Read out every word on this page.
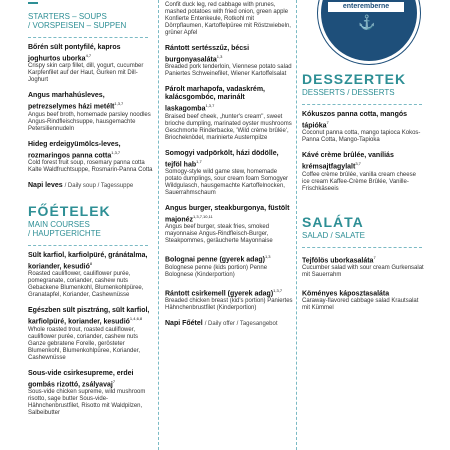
enteremberne
⚓
STARTERS – SOUPS
/ VORSPEISEN – SUPPEN
Bőrén sült pontyfilé, kapros joghurtos uborka$^{4,7}$
Crispy skin carp fillet, dill, yogurt, cucumber Karpfenfilet auf der Haut, Gurken mit Dill-Joghurt
Angus marhahúsleves, petrezselymes házi metélt$^{1,3,7}$
Angus beef broth, homemade parsley noodles Angus-Rindfleischsuppe, hausgemachte Petersiliennudeln
Hideg erdeigyümölcs-leves, rozmaringos panna cotta$^{1,3,7}$
Cold forest fruit soup, rosemary panna cotta Kalte Waldfruchtsuppe, Rosmarin-Panna Cotta
Napi leves / Daily soup / Tagessuppe
FŐÉTELEK
MAIN COURSES
/ HAUPTGERICHTE
Sült karfiol, karfiolpüré, gránátalma, koriander, kesudió$^8$
Roasted cauliflower, cauliflower purée, pomegranate, coriander, cashew nuts Gebackene Blumenkohl, Blumenkohlpüree, Granatapfel, Koriander, Cashewnüsse
Egészben sült pisztráng, sült karfiol, karfiolpüré, koriander, kesudió$^{1,4,6,8}$
Whole roasted trout, roasted cauliflower, cauliflower purée, coriander, cashew nuts Ganze gebratene Forelle, gerösteter Blumenkohl, Blumenkohlpüree, Koriander, Cashewnüsse
Sous-vide csirkesupreme, erdei gombás rizottó, zsályavaj$^7$
Sous-vide chicken supreme, wild mushroom risotto, sage butter Sous-vide-Hähnchenbrustfilet, Risotto mit Waldpilzen, Salbeibutter
Confit duck leg, red cabbage with prunes, mashed potatoes with fried onion, green apple Konfierte Entenkeule, Rotkohl mit Dörrpflaumen, Kartoffelpüree mit Röstzwiebeln, grüner Apfel
Rántott sertésszűz, bécsi burgonyasaláta$^{1,3}$
Breaded pork tenderloin, Viennese potato salad Paniertes Schweinefilet, Wiener Kartoffelsalat
Párolt marhapofa, vadaskrém, kalácsgombóc, marinált laskagomba$^{1,3,7}$
Braised beef cheek, „hunter's cream", sweet brioche dumpling, marinated oyster mushrooms Geschmorte Rinderbacke, 'Wild crème brûlée', Briocheknödel, marinierte Austernpilze
Somogyi vadpörkölt, házi dödölle, tejföl hab$^{1,7}$
Somogy-style wild game stew, homemade potato dumplings, sour cream foam Somogyer Wildgulasch, hausgemachte Kartoffelnocken, Sauerrahmschaum
Angus burger, steakburgonya, füstölt majonéz$^{1,3,7,10,11}$
Angus beef burger, steak fries, smoked mayonnaise Angus-Rindfleisch-Burger, Steakpommes, geräucherte Mayonnaise
Bolognai penne (gyerek adag)$^{1,3}$
Bolognese penne (kids portion) Penne Bolognese (Kinderportion)
Rántott csirkemell (gyerek adag)$^{1,3,7}$
Breaded chicken breast (kid's portion) Paniertes Hähnchenbrustfilet (Kinderportion)
Napi Főétel / Daily offer / Tagesangebot
DESSZERTEK
DESSERTS / DESSERTS
Kókuszos panna cotta, mangós tápióka$^7$
Coconut panna cotta, mango tapioca Kokos-Panna Cotta, Mango-Tapioka
Kávé crème brûlée, vaníliás krémsajtfagylalt$^{3,7}$
Coffee crème brûlée, vanilla cream cheese ice cream Kaffee-Crème Brûlée, Vanille-Frischkäseeis
SALÁTA
SALAD / SALATE
Tejfölös uborkasaláta$^7$
Cucumber salad with sour cream Gurkensalat mit Sauerrahm
Köményes káposztasaláta
Caraway-flavored cabbage salad Krautsalat mit Kümmel
